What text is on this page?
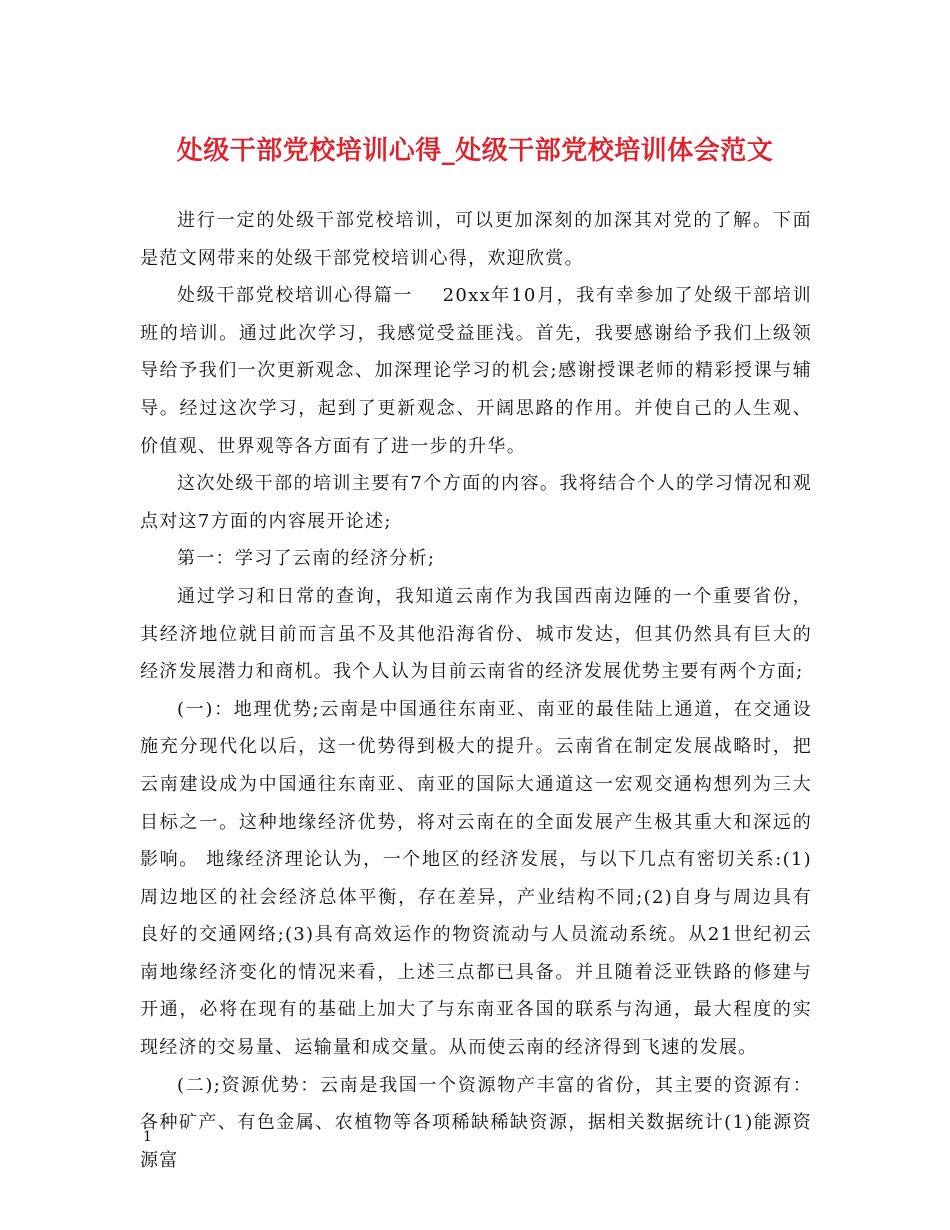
处级干部党校培训心得_处级干部党校培训体会范文

进行一定的处级干部党校培训，可以更加深刻的加深其对党的了解。下面是范文网带来的处级干部党校培训心得，欢迎欣赏。

处级干部党校培训心得篇一    20xx年10月，我有幸参加了处级干部培训班的培训。通过此次学习，我感觉受益匪浅。首先，我要感谢给予我们上级领导给予我们一次更新观念、加深理论学习的机会;感谢授课老师的精彩授课与辅导。经过这次学习，起到了更新观念、开阔思路的作用。并使自己的人生观、价值观、世界观等各方面有了进一步的升华。

这次处级干部的培训主要有7个方面的内容。我将结合个人的学习情况和观点对这7方面的内容展开论述;

第一：学习了云南的经济分析;

通过学习和日常的查询，我知道云南作为我国西南边陲的一个重要省份，其经济地位就目前而言虽不及其他沿海省份、城市发达，但其仍然具有巨大的经济发展潜力和商机。我个人认为目前云南省的经济发展优势主要有两个方面;

(一)：地理优势;云南是中国通往东南亚、南亚的最佳陆上通道，在交通设施充分现代化以后，这一优势得到极大的提升。云南省在制定发展战略时，把云南建设成为中国通往东南亚、南亚的国际大通道这一宏观交通构想列为三大目标之一。这种地缘经济优势，将对云南在的全面发展产生极其重大和深远的影响。 地缘经济理论认为，一个地区的经济发展，与以下几点有密切关系:(1)周边地区的社会经济总体平衡，存在差异，产业结构不同;(2)自身与周边具有良好的交通网络;(3)具有高效运作的物资流动与人员流动系统。从21世纪初云南地缘经济变化的情况来看，上述三点都已具备。并且随着泛亚铁路的修建与开通，必将在现有的基础上加大了与东南亚各国的联系与沟通，最大程度的实现经济的交易量、运输量和成交量。从而使云南的经济得到飞速的发展。

(二);资源优势：云南是我国一个资源物产丰富的省份，其主要的资源有：各种矿产、有色金属、农植物等各项稀缺稀缺资源，据相关数据统计(1)能源资源富

1
